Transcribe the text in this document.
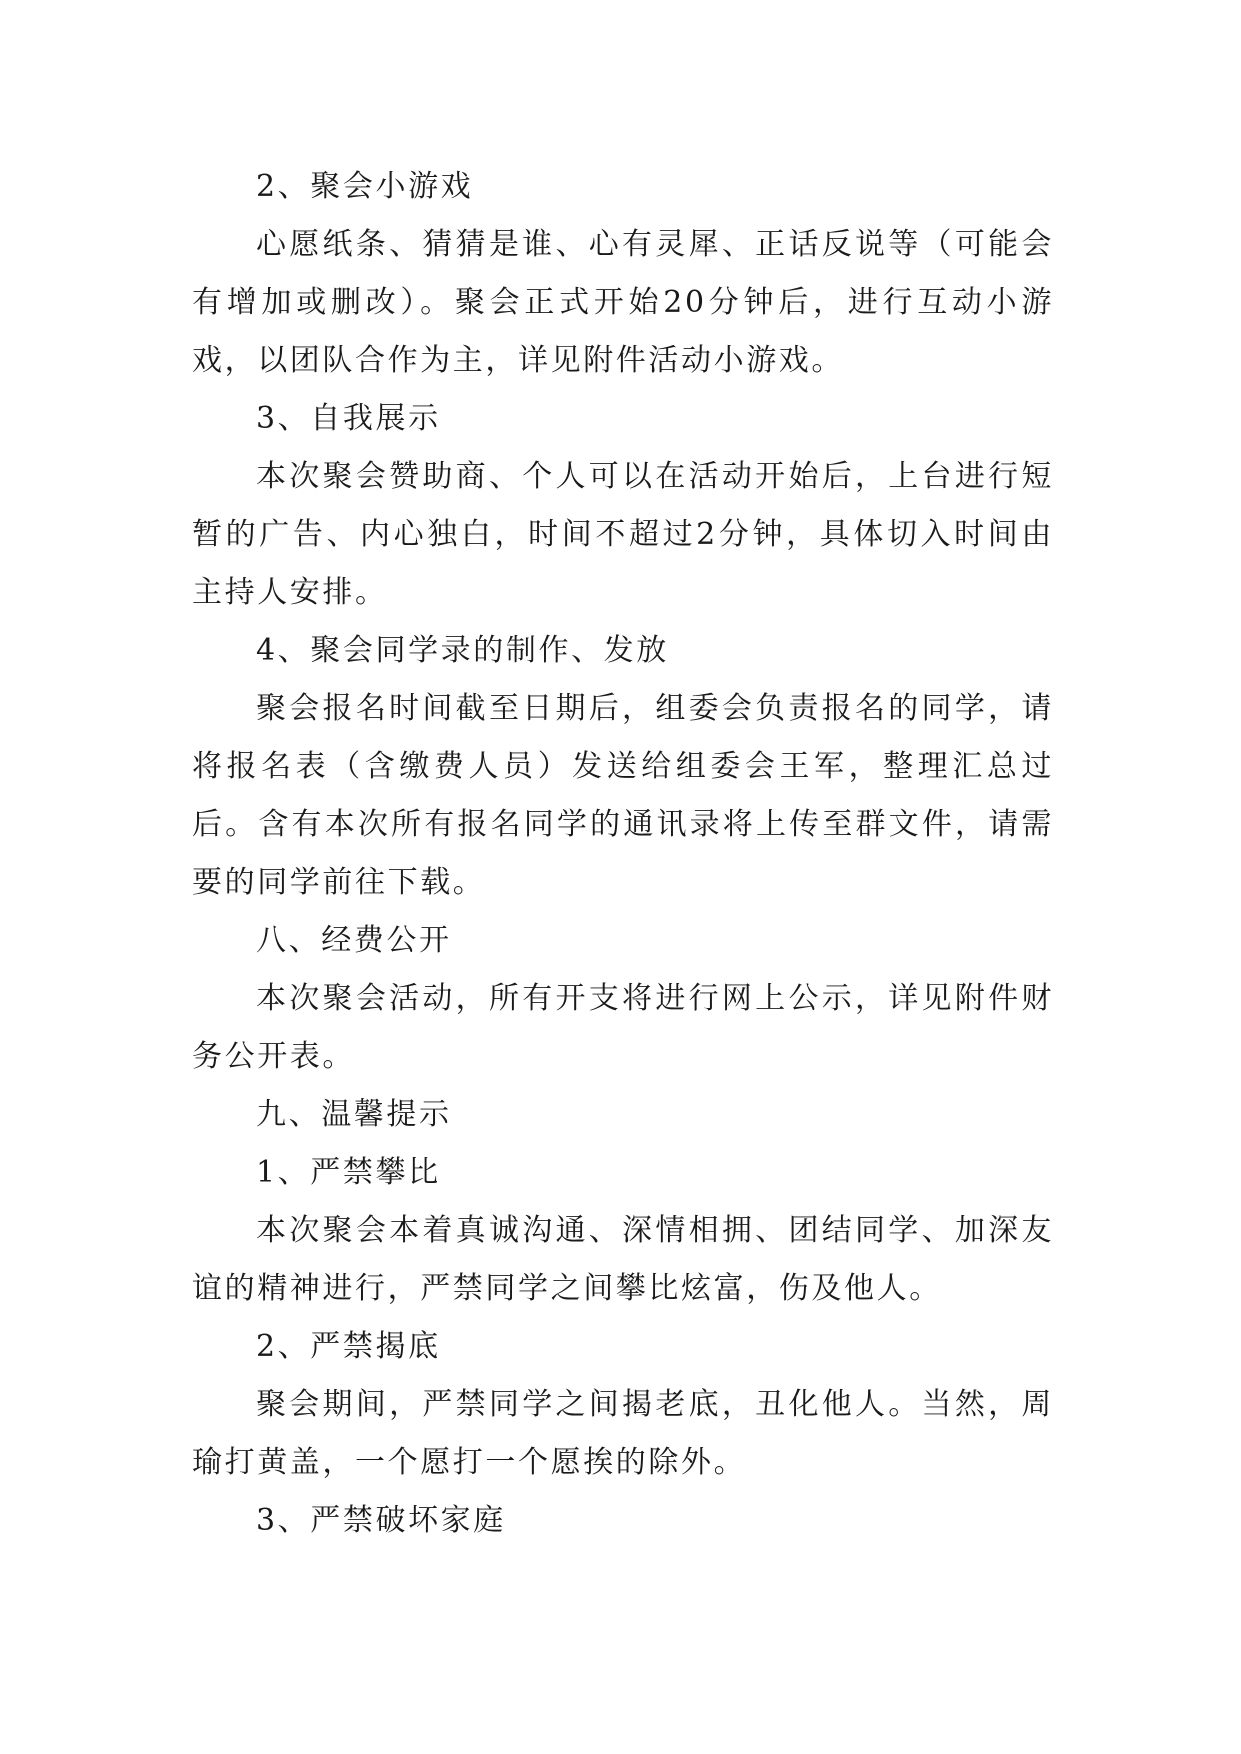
2、聚会小游戏

心愿纸条、猜猜是谁、心有灵犀、正话反说等（可能会有增加或删改）。聚会正式开始20分钟后，进行互动小游戏，以团队合作为主，详见附件活动小游戏。

3、自我展示

本次聚会赞助商、个人可以在活动开始后，上台进行短暂的广告、内心独白，时间不超过2分钟，具体切入时间由主持人安排。

4、聚会同学录的制作、发放

聚会报名时间截至日期后，组委会负责报名的同学，请将报名表（含缴费人员）发送给组委会王军，整理汇总过后。含有本次所有报名同学的通讯录将上传至群文件，请需要的同学前往下载。

八、经费公开

本次聚会活动，所有开支将进行网上公示，详见附件财务公开表。

九、温馨提示

1、严禁攀比

本次聚会本着真诚沟通、深情相拥、团结同学、加深友谊的精神进行，严禁同学之间攀比炫富，伤及他人。

2、严禁揭底

聚会期间，严禁同学之间揭老底，丑化他人。当然，周瑜打黄盖，一个愿打一个愿挨的除外。

3、严禁破坏家庭
